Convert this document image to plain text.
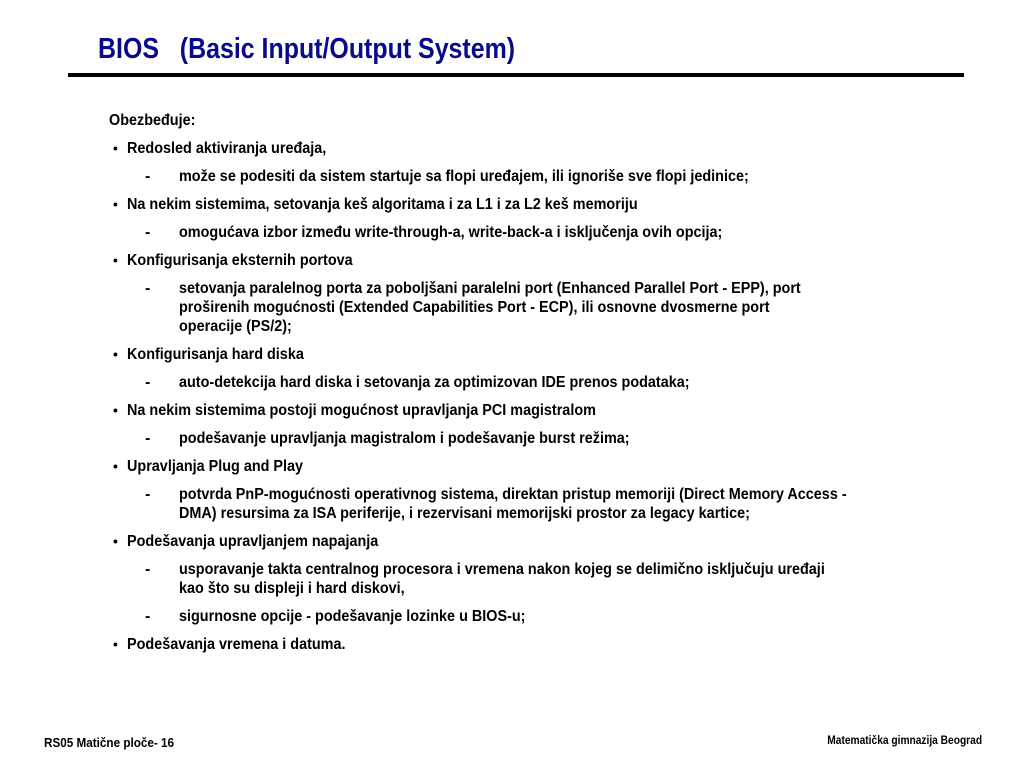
BIOS   (Basic Input/Output System)
Obezbeđuje:
• Redosled aktiviranja uređaja,
- može se podesiti da sistem startuje sa flopi uređajem, ili ignoriše sve flopi jedinice;
• Na nekim sistemima, setovanja keš algoritama i za L1 i za L2 keš memoriju
- omogućava izbor između write-through-a, write-back-a i isključenja ovih opcija;
• Konfigurisanja eksternih portova
- setovanja paralelnog porta za poboljšani paralelni port (Enhanced Parallel Port - EPP), port proširenih mogućnosti (Extended Capabilities Port - ECP), ili osnovne dvosmerne port operacije (PS/2);
• Konfigurisanja hard diska
- auto-detekcija hard diska i setovanja za optimizovan IDE prenos podataka;
• Na nekim sistemima postoji mogućnost upravljanja PCI magistralom
- podešavanje upravljanja magistralom i podešavanje burst režima;
• Upravljanja Plug and Play
- potvrda PnP-mogućnosti operativnog sistema, direktan pristup memoriji (Direct Memory Access - DMA) resursima za ISA periferije, i rezervisani memorijski prostor za legacy kartice;
• Podešavanja upravljanjem napajanja
- usporavanje takta centralnog procesora i vremena nakon kojeg se delimično isključuju uređaji kao što su displeji i hard diskovi,
- sigurnosne opcije - podešavanje lozinke u BIOS-u;
• Podešavanja vremena i datuma.
RS05 Matične ploče- 16	Matematička gimnazija Beograd
